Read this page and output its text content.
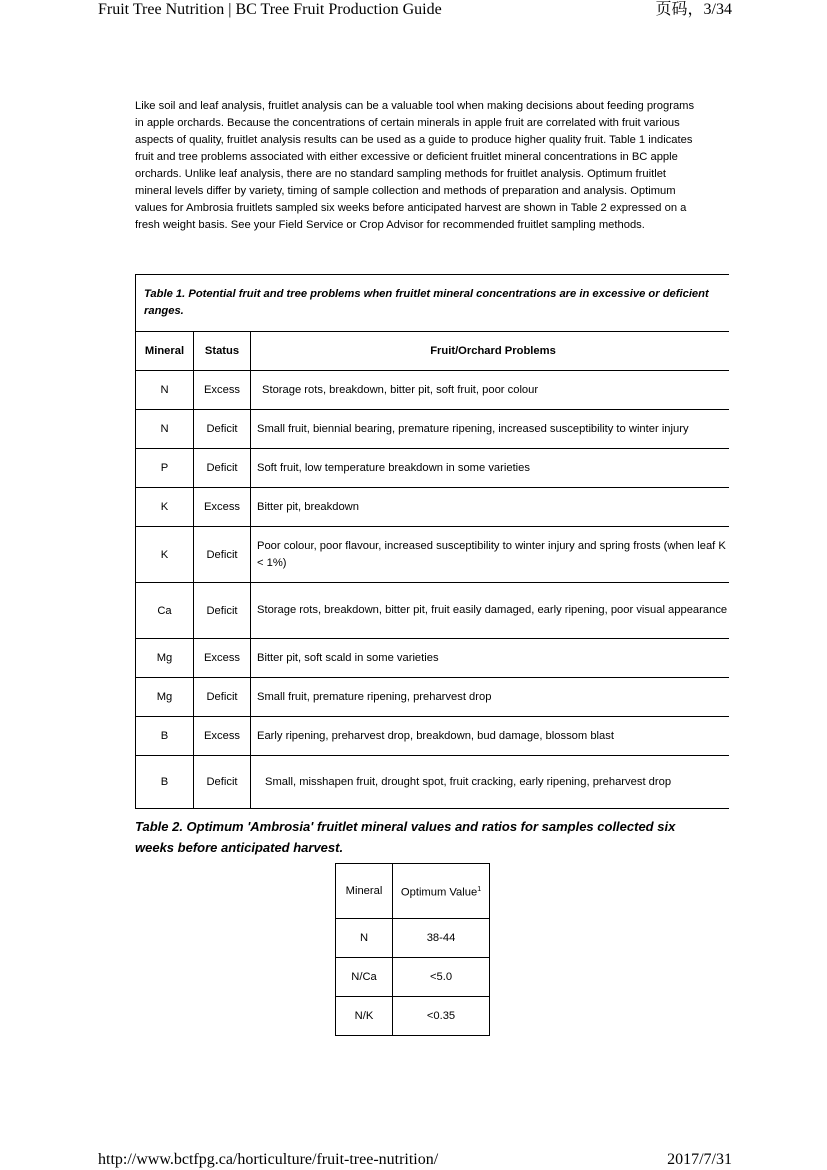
Fruit Tree Nutrition | BC Tree Fruit Production Guide	页码，3/34

Like soil and leaf analysis, fruitlet analysis can be a valuable tool when making decisions about feeding programs in apple orchards. Because the concentrations of certain minerals in apple fruit are correlated with fruit various aspects of quality, fruitlet analysis results can be used as a guide to produce higher quality fruit. Table 1 indicates fruit and tree problems associated with either excessive or deficient fruitlet mineral concentrations in BC apple orchards. Unlike leaf analysis, there are no standard sampling methods for fruitlet analysis. Optimum fruitlet mineral levels differ by variety, timing of sample collection and methods of preparation and analysis. Optimum values for Ambrosia fruitlets sampled six weeks before anticipated harvest are shown in Table 2 expressed on a fresh weight basis. See your Field Service or Crop Advisor for recommended fruitlet sampling methods.

Table 1. Potential fruit and tree problems when fruitlet mineral concentrations are in excessive or deficient ranges.		
Mineral	Status	Fruit/Orchard Problems
N	Excess	Storage rots, breakdown, bitter pit, soft fruit, poor colour
N	Deficit	Small fruit, biennial bearing, premature ripening, increased susceptibility to winter injury
P	Deficit	Soft fruit, low temperature breakdown in some varieties
K	Excess	Bitter pit, breakdown
K	Deficit	Poor colour, poor flavour, increased susceptibility to winter injury and spring frosts (when leaf K < 1%)
Ca	Deficit	Storage rots, breakdown, bitter pit, fruit easily damaged, early ripening, poor visual appearance
Mg	Excess	Bitter pit, soft scald in some varieties
Mg	Deficit	Small fruit, premature ripening, preharvest drop
B	Excess	Early ripening, preharvest drop, breakdown, bud damage, blossom blast
B	Deficit	Small, misshapen fruit, drought spot, fruit cracking, early ripening, preharvest drop

Table 2. Optimum 'Ambrosia' fruitlet mineral values and ratios for samples collected six weeks before anticipated harvest.

Mineral	Optimum Value$^1$
N	38-44
N/Ca	<5.0
N/K	<0.35
http://www.bctfpg.ca/horticulture/fruit-tree-nutrition/	2017/7/31
